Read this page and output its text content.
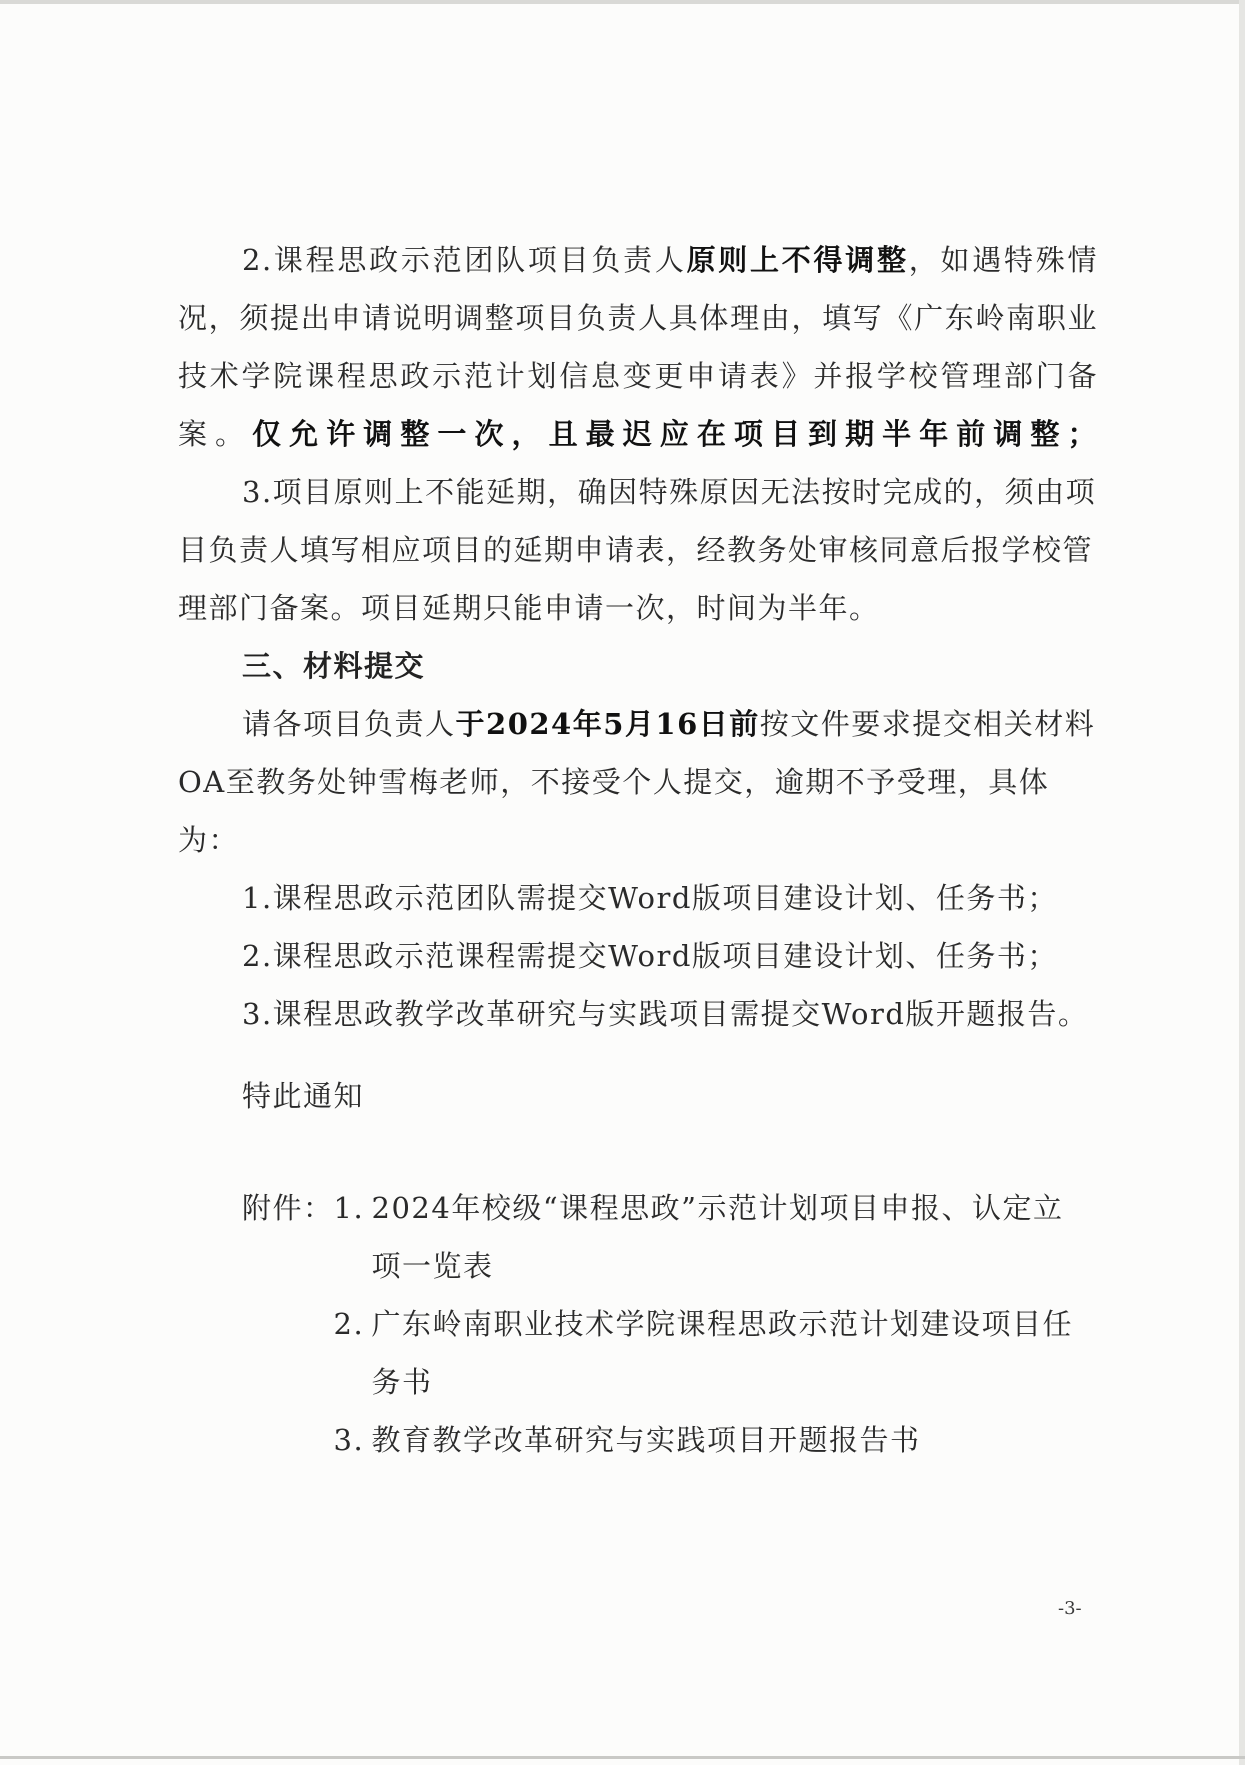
2.课程思政示范团队项目负责人原则上不得调整，如遇特殊情况，须提出申请说明调整项目负责人具体理由，填写《广东岭南职业技术学院课程思政示范计划信息变更申请表》并报学校管理部门备案。仅允许调整一次，且最迟应在项目到期半年前调整；

3.项目原则上不能延期，确因特殊原因无法按时完成的，须由项目负责人填写相应项目的延期申请表，经教务处审核同意后报学校管理部门备案。项目延期只能申请一次，时间为半年。

三、材料提交

请各项目负责人于2024年5月16日前按文件要求提交相关材料OA至教务处钟雪梅老师，不接受个人提交，逾期不予受理，具体为：

1.课程思政示范团队需提交Word版项目建设计划、任务书；

2.课程思政示范课程需提交Word版项目建设计划、任务书；

3.课程思政教学改革研究与实践项目需提交Word版开题报告。

特此通知

附件： 1. 2024年校级“课程思政”示范计划项目申报、认定立项一览表
2. 广东岭南职业技术学院课程思政示范计划建设项目任务书
3. 教育教学改革研究与实践项目开题报告书
-3-
